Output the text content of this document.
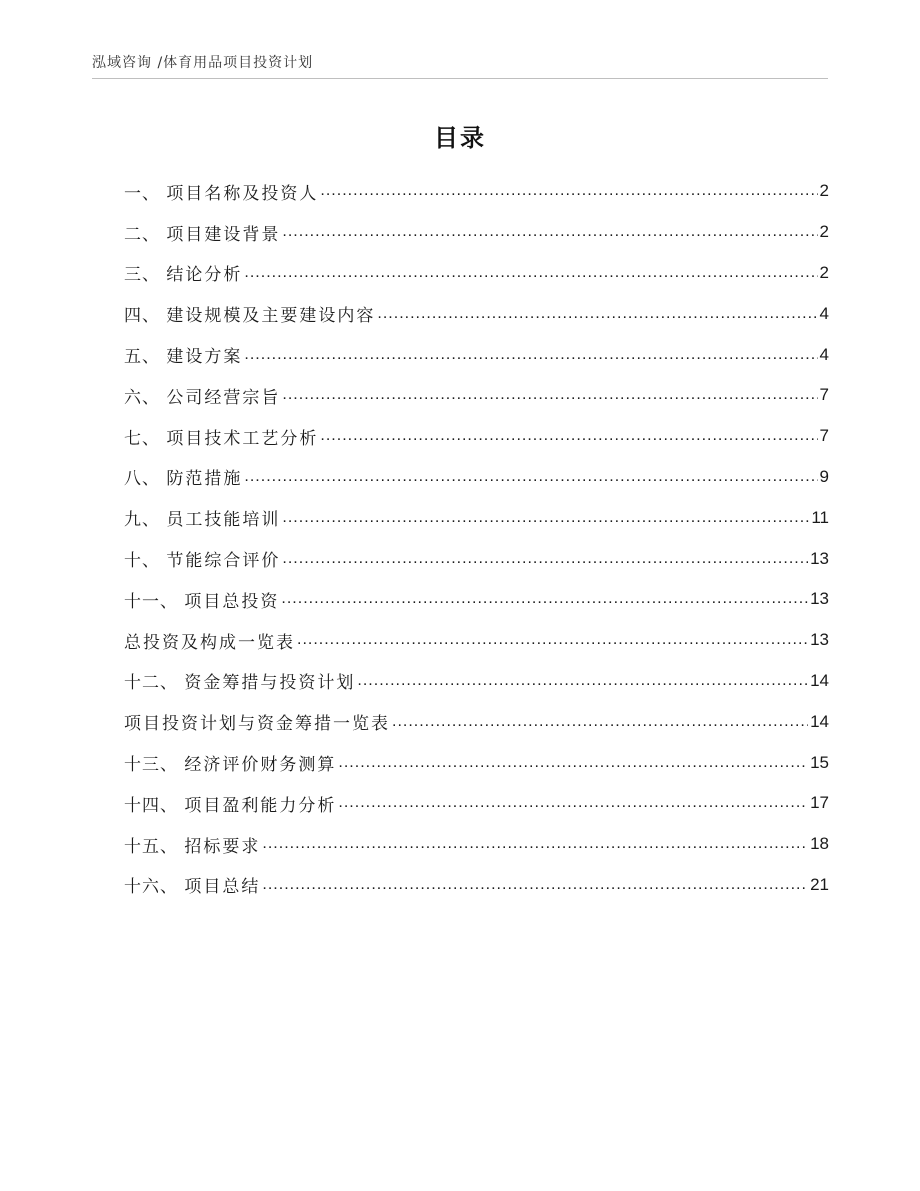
泓域咨询 /体育用品项目投资计划
目录
一、 项目名称及投资人 .....	2
二、 项目建设背景 .....	2
三、 结论分析 .....	2
四、 建设规模及主要建设内容 .....	4
五、 建设方案 .....	4
六、 公司经营宗旨 .....	7
七、 项目技术工艺分析 .....	7
八、 防范措施 .....	9
九、 员工技能培训 .....	11
十、 节能综合评价 .....	13
十一、 项目总投资 .....	13
总投资及构成一览表 .....	13
十二、 资金筹措与投资计划 .....	14
项目投资计划与资金筹措一览表 .....	14
十三、 经济评价财务测算 .....	15
十四、 项目盈利能力分析 .....	17
十五、 招标要求 .....	18
十六、 项目总结 .....	21
